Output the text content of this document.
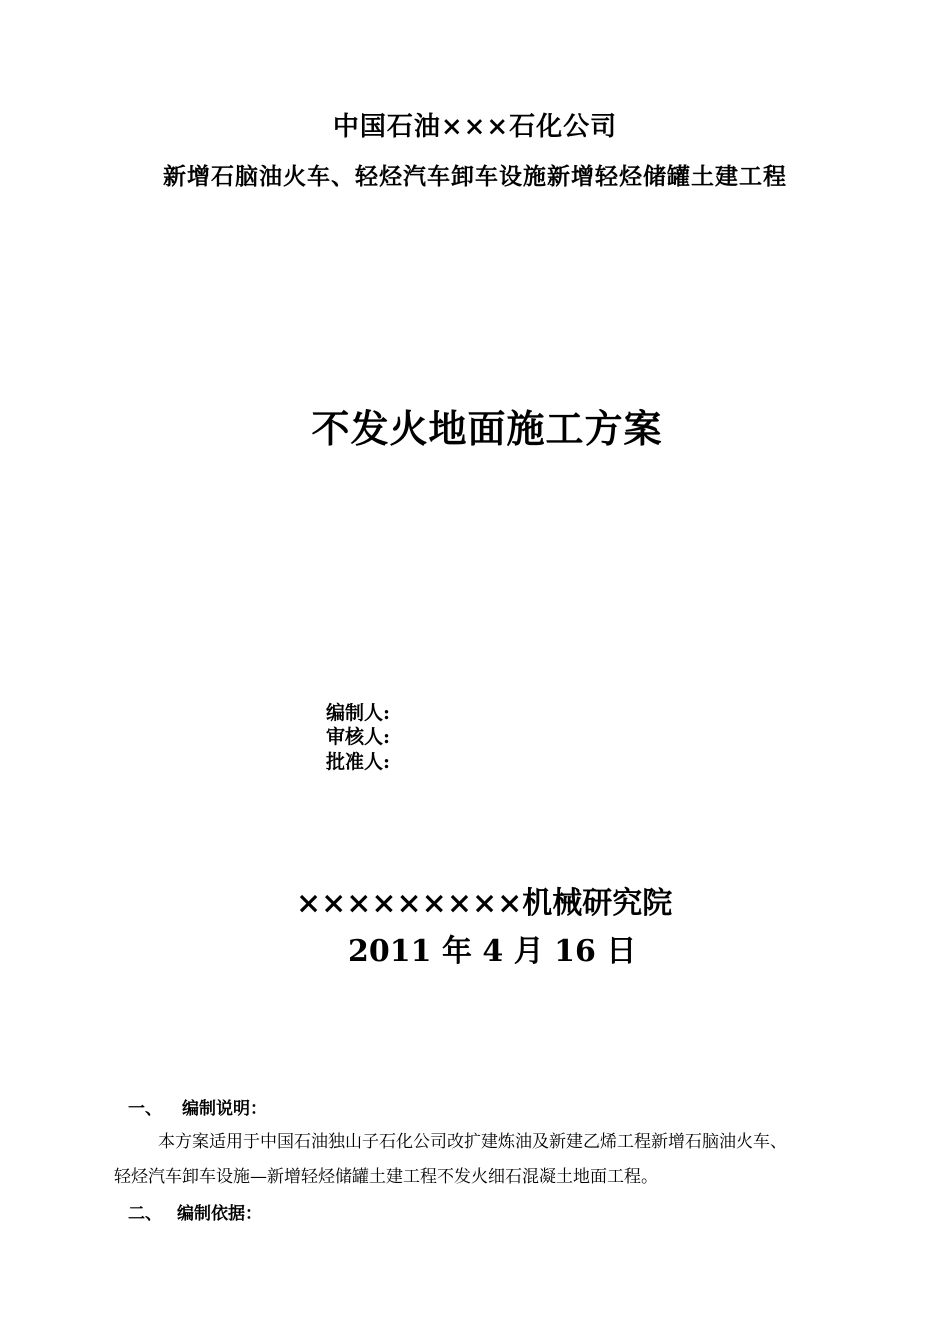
中国石油×××石化公司
新增石脑油火车、轻烃汽车卸车设施新增轻烃储罐土建工程
不发火地面施工方案
编制人:
审核人:
批准人:
×××××××××机械研究院
2011 年 4 月 16 日
一、 编制说明：
本方案适用于中国石油独山子石化公司改扩建炼油及新建乙烯工程新增石脑油火车、
轻烃汽车卸车设施—新增轻烃储罐土建工程不发火细石混凝土地面工程。
二、 编制依据：
